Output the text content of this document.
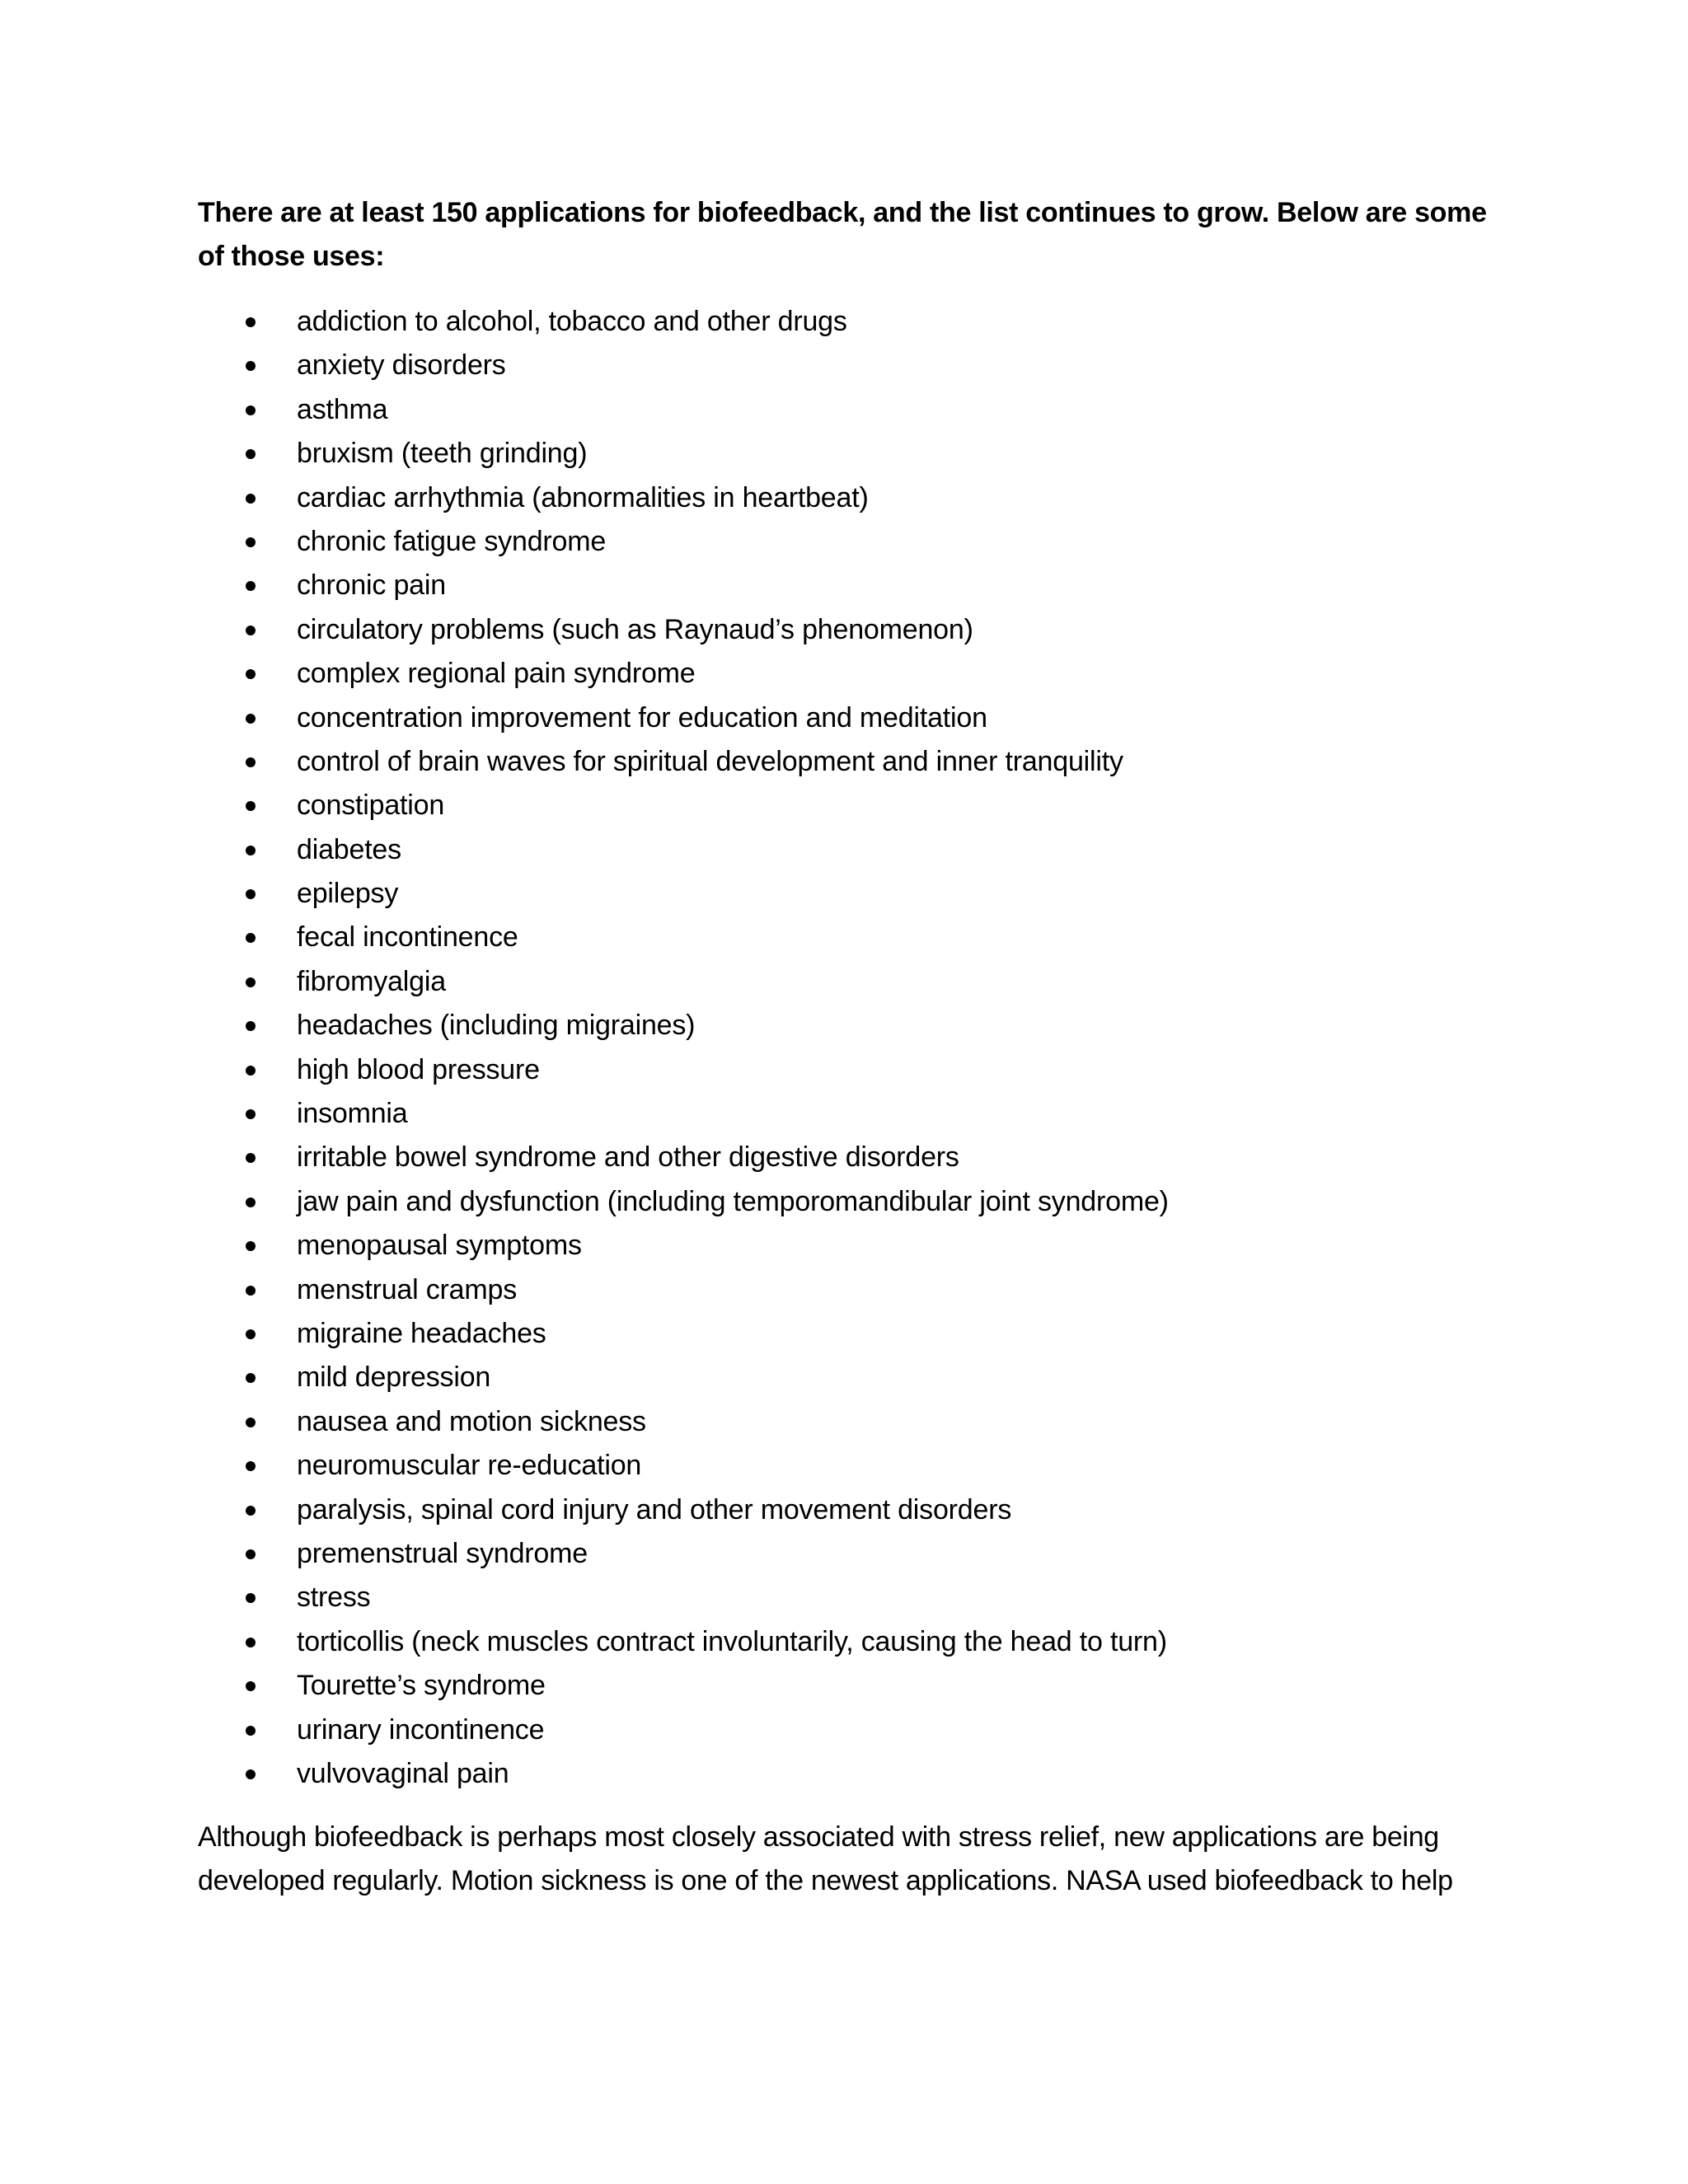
There are at least 150 applications for biofeedback, and the list continues to grow. Below are some of those uses:

addiction to alcohol, tobacco and other drugs
anxiety disorders
asthma
bruxism (teeth grinding)
cardiac arrhythmia (abnormalities in heartbeat)
chronic fatigue syndrome
chronic pain
circulatory problems (such as Raynaud’s phenomenon)
complex regional pain syndrome
concentration improvement for education and meditation
control of brain waves for spiritual development and inner tranquility
constipation
diabetes
epilepsy
fecal incontinence
fibromyalgia
headaches (including migraines)
high blood pressure
insomnia
irritable bowel syndrome and other digestive disorders
jaw pain and dysfunction (including temporomandibular joint syndrome)
menopausal symptoms
menstrual cramps
migraine headaches
mild depression
nausea and motion sickness
neuromuscular re-education
paralysis, spinal cord injury and other movement disorders
premenstrual syndrome
stress
torticollis (neck muscles contract involuntarily, causing the head to turn)
Tourette’s syndrome
urinary incontinence
vulvovaginal pain

Although biofeedback is perhaps most closely associated with stress relief, new applications are being developed regularly. Motion sickness is one of the newest applications. NASA used biofeedback to help
